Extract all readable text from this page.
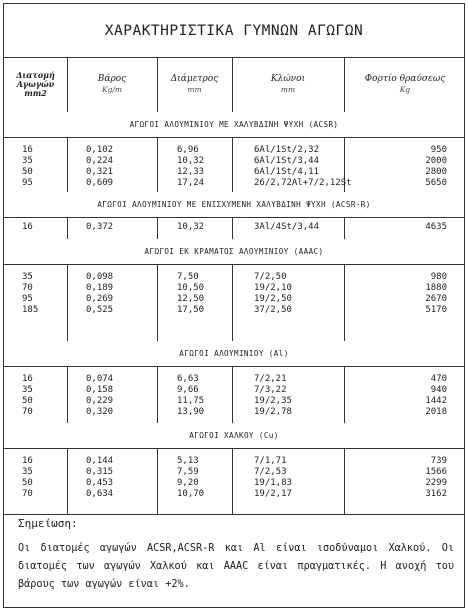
ΧΑΡΑΚΤΗΡΙΣΤΙΚΑ ΓΥΜΝΩΝ ΑΓΩΓΩΝ
Διατομή Αγωγών mm2
Βάρος
Kg/m
Διάμετρος
mm
Κλώνοι
mm
Φορτίο θραύσεως
Kg
ΑΓΩΓΟΙ ΑΛΟΥΜΙΝΙΟΥ ΜΕ ΧΑΛΥΒΔΙΝΗ ΨΥΧΗ (ACSR)
16	0,102	6,96	6Al/1St/2,32	950
35	0,224	10,32	6Al/1St/3,44	2000
50	0,321	12,33	6Al/1St/4,11	2800
95	0,609	17,24	26/2,72Al+7/2,12St	5650
ΑΓΩΓΟΙ ΑΛΟΥΜΙΝΙΟΥ ΜΕ ΕΝΙΣΧΥΜΕΝΗ ΧΑΛΥΒΔΙΝΗ ΨΥΧΗ (ACSR-R)
16	0,372	10,32	3Al/4St/3,44	4635
ΑΓΩΓΟΙ ΕΚ ΚΡΑΜΑΤΟΣ ΑΛΟΥΜΙΝΙΟΥ (AAAC)
35	0,098	7,50	7/2,50	980
70	0,189	10,50	19/2,10	1880
95	0,269	12,50	19/2,50	2670
185	0,525	17,50	37/2,50	5170
ΑΓΩΓΟΙ ΑΛΟΥΜΙΝΙΟΥ (Al)
16	0,074	6,63	7/2,21	470
35	0,158	9,66	7/3,22	940
50	0,229	11,75	19/2,35	1442
70	0,320	13,90	19/2,78	2018
ΑΓΩΓΟΙ ΧΑΛΚΟΥ (Cu)
16	0,144	5,13	7/1,71	739
35	0,315	7,59	7/2,53	1566
50	0,453	9,20	19/1,83	2299
70	0,634	10,70	19/2,17	3162
Σημείωση:
Οι διατομές αγωγών ACSR,ACSR-R και Al είναι ισοδύναμοι Χαλκού. Οι διατομές των αγωγών Χαλκού και AAAC είναι πραγματικές. Η ανοχή του βάρους των αγωγών είναι +2%.
